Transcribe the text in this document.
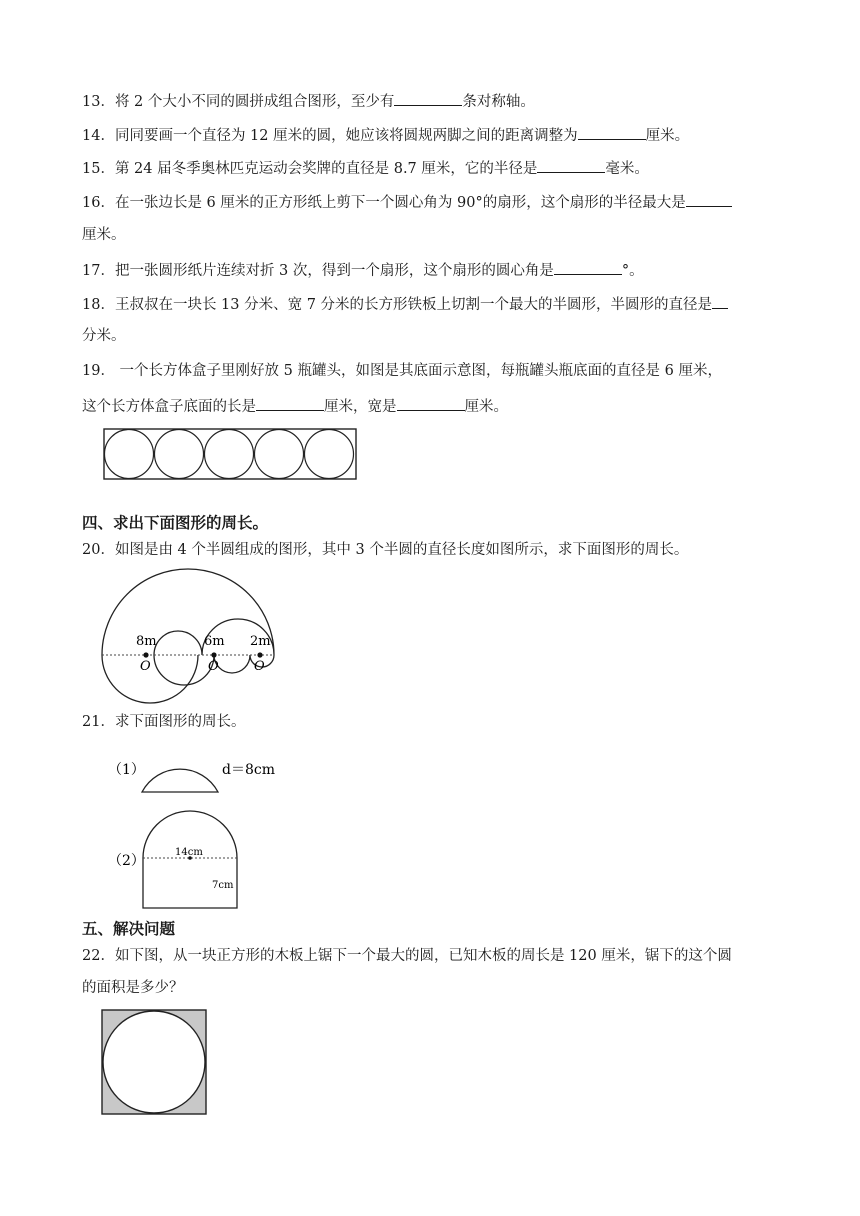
13．将 2 个大小不同的圆拼成组合图形，至少有	条对称轴。
14．同同要画一个直径为 12 厘米的圆，她应该将圆规两脚之间的距离调整为	厘米。
15．第 24 届冬季奥林匹克运动会奖牌的直径是 8.7 厘米，它的半径是	毫米。
16．在一张边长是 6 厘米的正方形纸上剪下一个圆心角为 90°的扇形，这个扇形的半径最大是
厘米。
17．把一张圆形纸片连续对折 3 次，得到一个扇形，这个扇形的圆心角是	°。
18．王叔叔在一块长 13 分米、宽 7 分米的长方形铁板上切割一个最大的半圆形，半圆形的直径是
分米。
19． 一个长方体盒子里刚好放 5 瓶罐头，如图是其底面示意图，每瓶罐头瓶底面的直径是 6 厘米，
这个长方体盒子底面的长是	厘米，宽是	厘米。
四、求出下面图形的周长。
20．如图是由 4 个半圆组成的图形，其中 3 个半圆的直径长度如图所示，求下面图形的周长。
8m	6m 2m
O	O	O
21．求下面图形的周长。
（1）	d＝8cm
（2）
14cm
7cm
五、解决问题
22．如下图，从一块正方形的木板上锯下一个最大的圆，已知木板的周长是 120 厘米，锯下的这个圆
的面积是多少？
